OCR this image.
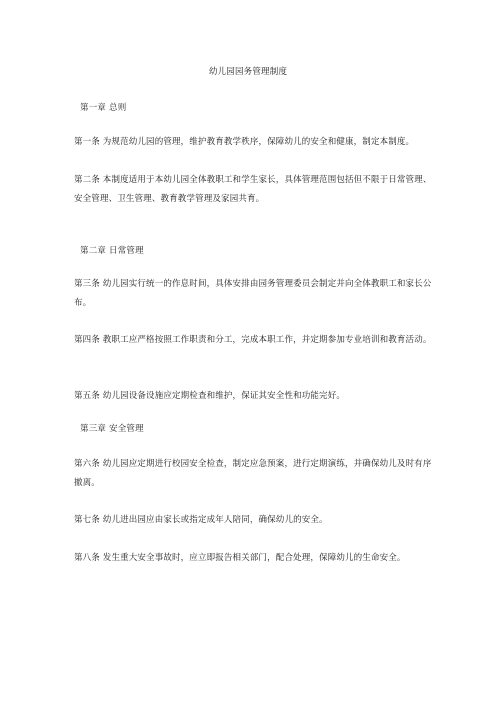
幼儿园园务管理制度
第一章 总则

第一条 为规范幼儿园的管理，维护教育教学秩序，保障幼儿的安全和健康，制定本制度。

第二条 本制度适用于本幼儿园全体教职工和学生家长，具体管理范围包括但不限于日常管理、安全管理、卫生管理、教育教学管理及家园共育。

第二章 日常管理

第三条 幼儿园实行统一的作息时间，具体安排由园务管理委员会制定并向全体教职工和家长公布。

第四条 教职工应严格按照工作职责和分工，完成本职工作，并定期参加专业培训和教育活动。

第五条 幼儿园设备设施应定期检查和维护，保证其安全性和功能完好。

第三章 安全管理

第六条 幼儿园应定期进行校园安全检查，制定应急预案，进行定期演练，并确保幼儿及时有序撤离。

第七条 幼儿进出园应由家长或指定成年人陪同，确保幼儿的安全。

第八条 发生重大安全事故时，应立即报告相关部门，配合处理，保障幼儿的生命安全。
